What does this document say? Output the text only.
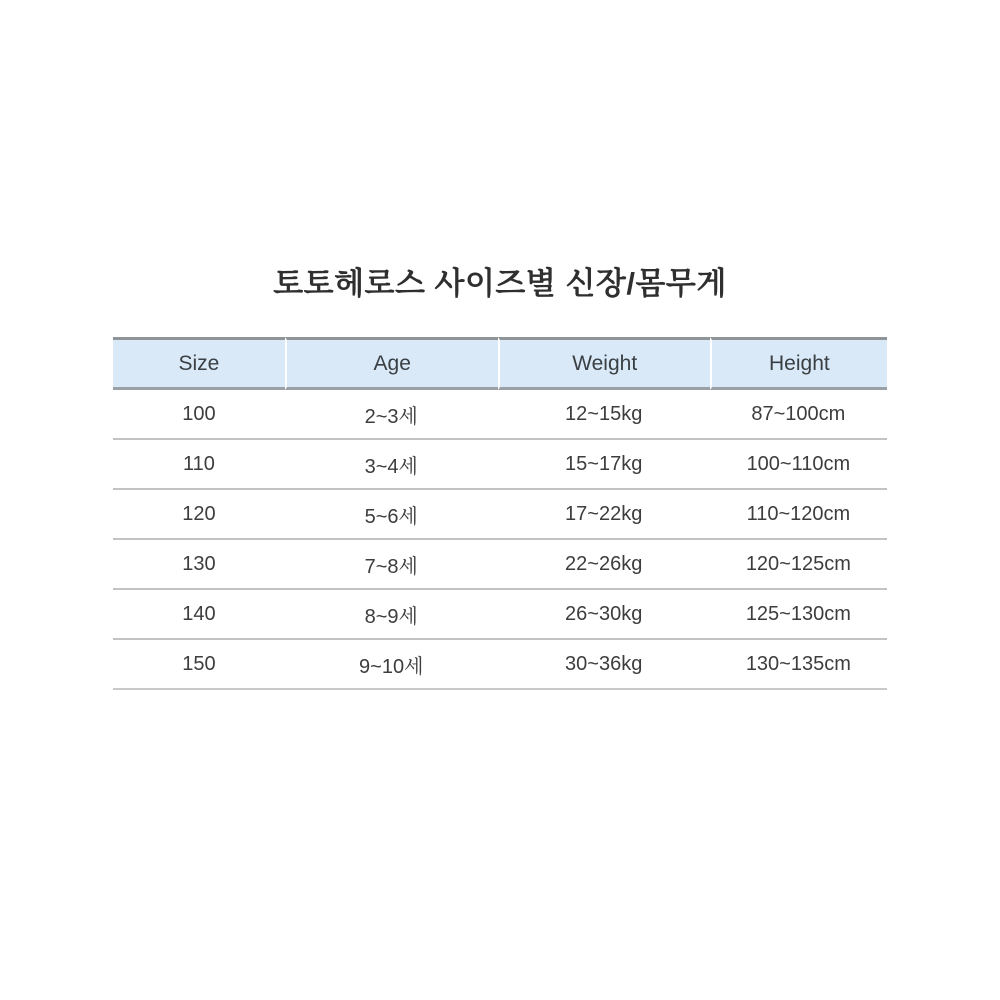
토토헤로스 사이즈별 신장/몸무게
Size	Age	Weight	Height
100	2~3세	12~15kg	87~100cm
110	3~4세	15~17kg	100~110cm
120	5~6세	17~22kg	110~120cm
130	7~8세	22~26kg	120~125cm
140	8~9세	26~30kg	125~130cm
150	9~10세	30~36kg	130~135cm
